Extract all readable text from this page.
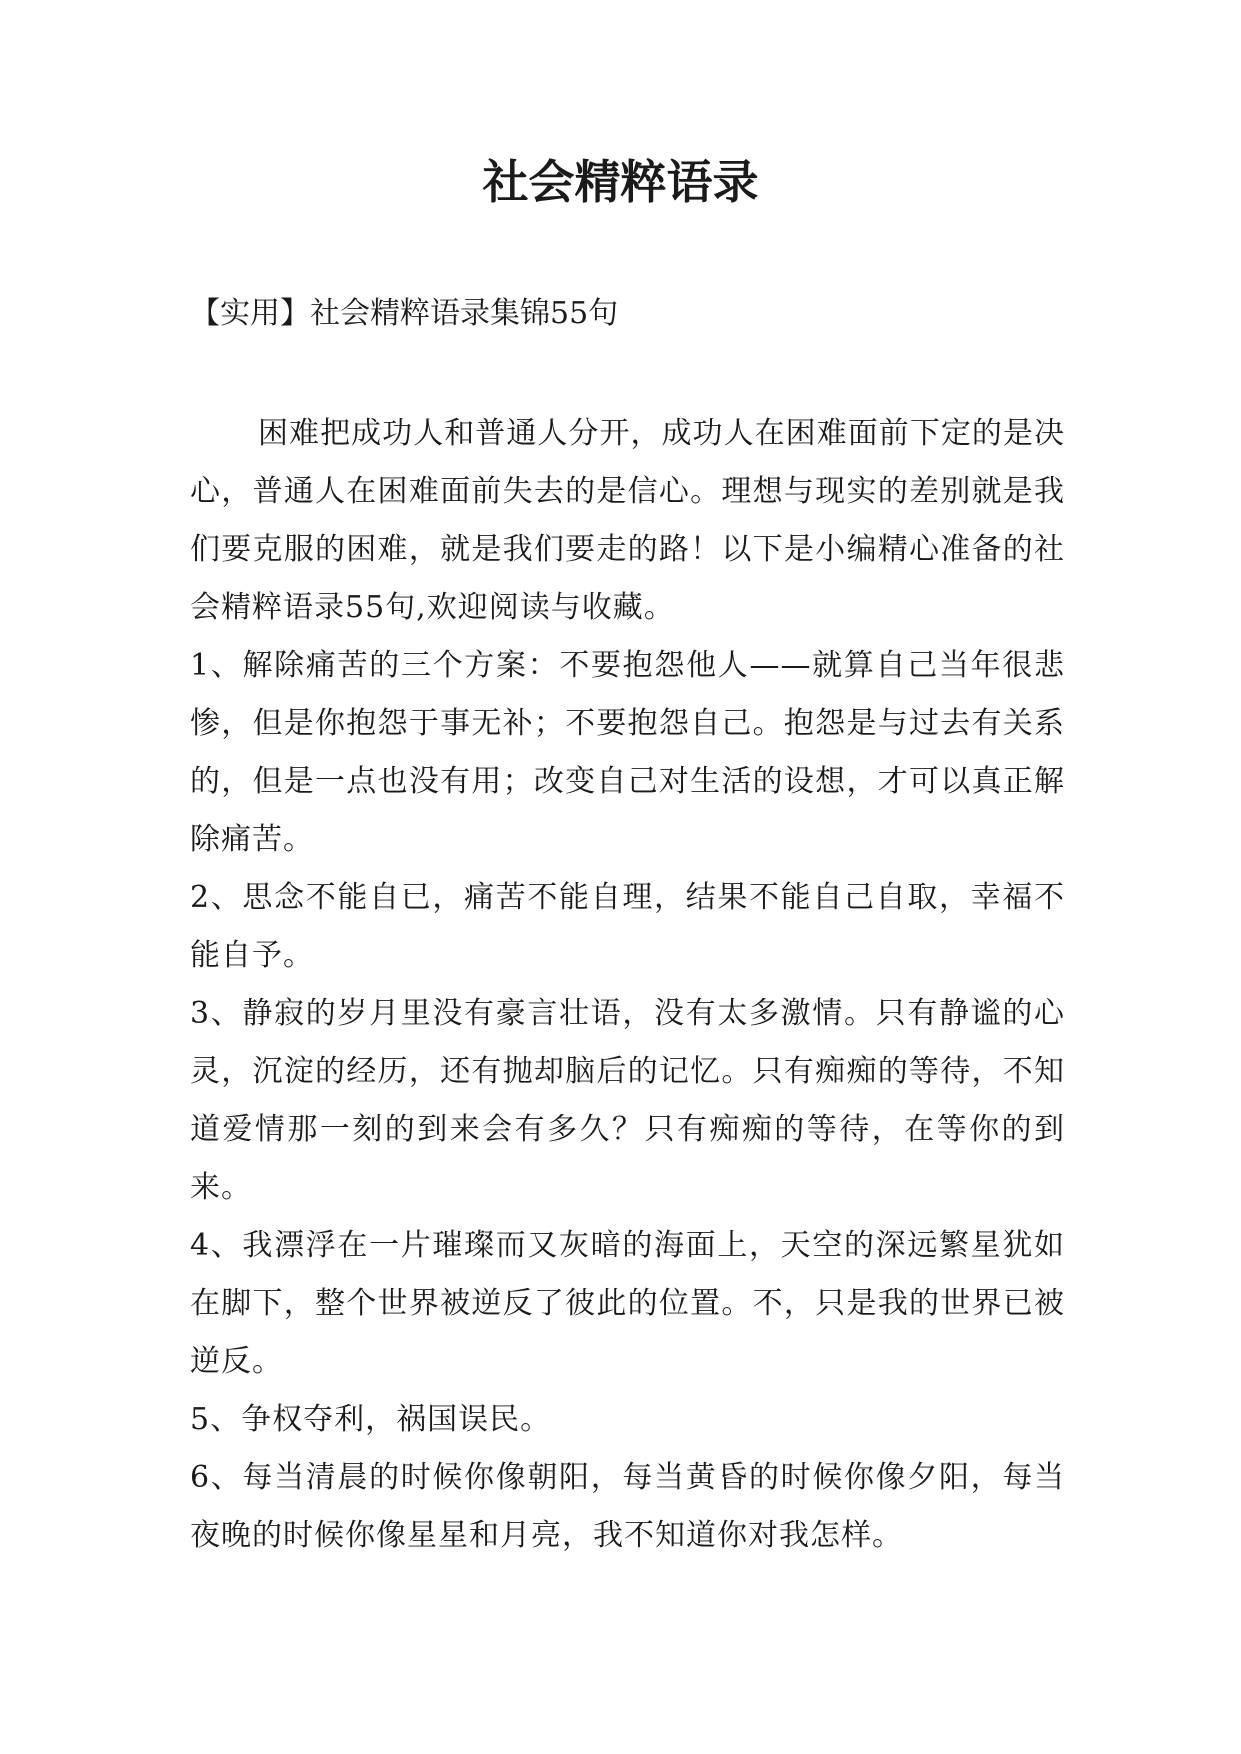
社会精粹语录

【实用】社会精粹语录集锦55句

困难把成功人和普通人分开，成功人在困难面前下定的是决心，普通人在困难面前失去的是信心。理想与现实的差别就是我们要克服的困难，就是我们要走的路！以下是小编精心准备的社会精粹语录55句,欢迎阅读与收藏。

1、解除痛苦的三个方案：不要抱怨他人——就算自己当年很悲惨，但是你抱怨于事无补；不要抱怨自己。抱怨是与过去有关系的，但是一点也没有用；改变自己对生活的设想，才可以真正解除痛苦。

2、思念不能自已，痛苦不能自理，结果不能自己自取，幸福不能自予。

3、静寂的岁月里没有豪言壮语，没有太多激情。只有静谧的心灵，沉淀的经历，还有抛却脑后的记忆。只有痴痴的等待，不知道爱情那一刻的到来会有多久？只有痴痴的等待，在等你的到来。

4、我漂浮在一片璀璨而又灰暗的海面上，天空的深远繁星犹如在脚下，整个世界被逆反了彼此的位置。不，只是我的世界已被逆反。

5、争权夺利，祸国误民。

6、每当清晨的时候你像朝阳，每当黄昏的时候你像夕阳，每当夜晚的时候你像星星和月亮，我不知道你对我怎样。
